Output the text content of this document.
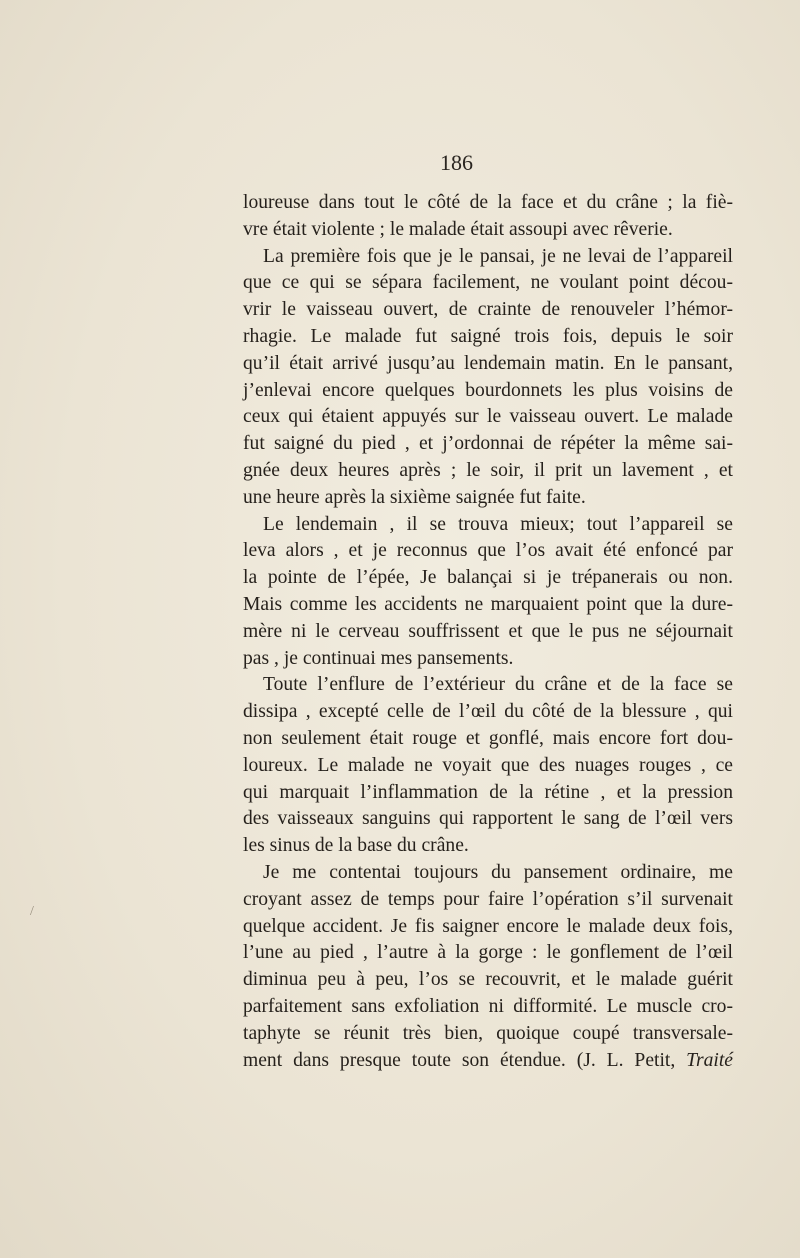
186
loureuse dans tout le côté de la face et du crâne ; la fiè-
vre était violente ; le malade était assoupi avec rêverie.
La première fois que je le pansai, je ne levai de l’appareil
que ce qui se sépara facilement, ne voulant point décou-
vrir le vaisseau ouvert, de crainte de renouveler l’hémor-
rhagie. Le malade fut saigné trois fois, depuis le soir
qu’il était arrivé jusqu’au lendemain matin. En le pansant,
j’enlevai encore quelques bourdonnets les plus voisins de
ceux qui étaient appuyés sur le vaisseau ouvert. Le malade
fut saigné du pied , et j’ordonnai de répéter la même sai-
gnée deux heures après ; le soir, il prit un lavement , et
une heure après la sixième saignée fut faite.
Le lendemain , il se trouva mieux; tout l’appareil se
leva alors , et je reconnus que l’os avait été enfoncé par
la pointe de l’épée, Je balançai si je trépanerais ou non.
Mais comme les accidents ne marquaient point que la dure-
mère ni le cerveau souffrissent et que le pus ne séjournait
pas , je continuai mes pansements.
Toute l’enflure de l’extérieur du crâne et de la face se
dissipa , excepté celle de l’œil du côté de la blessure , qui
non seulement était rouge et gonflé, mais encore fort dou-
loureux. Le malade ne voyait que des nuages rouges , ce
qui marquait l’inflammation de la rétine , et la pression
des vaisseaux sanguins qui rapportent le sang de l’œil vers
les sinus de la base du crâne.
Je me contentai toujours du pansement ordinaire, me
croyant assez de temps pour faire l’opération s’il survenait
quelque accident. Je fis saigner encore le malade deux fois,
l’une au pied , l’autre à la gorge : le gonflement de l’œil
diminua peu à peu, l’os se recouvrit, et le malade guérit
parfaitement sans exfoliation ni difformité. Le muscle cro-
taphyte se réunit très bien, quoique coupé transversale-
ment dans presque toute son étendue. (J. L. Petit, Traité
/
